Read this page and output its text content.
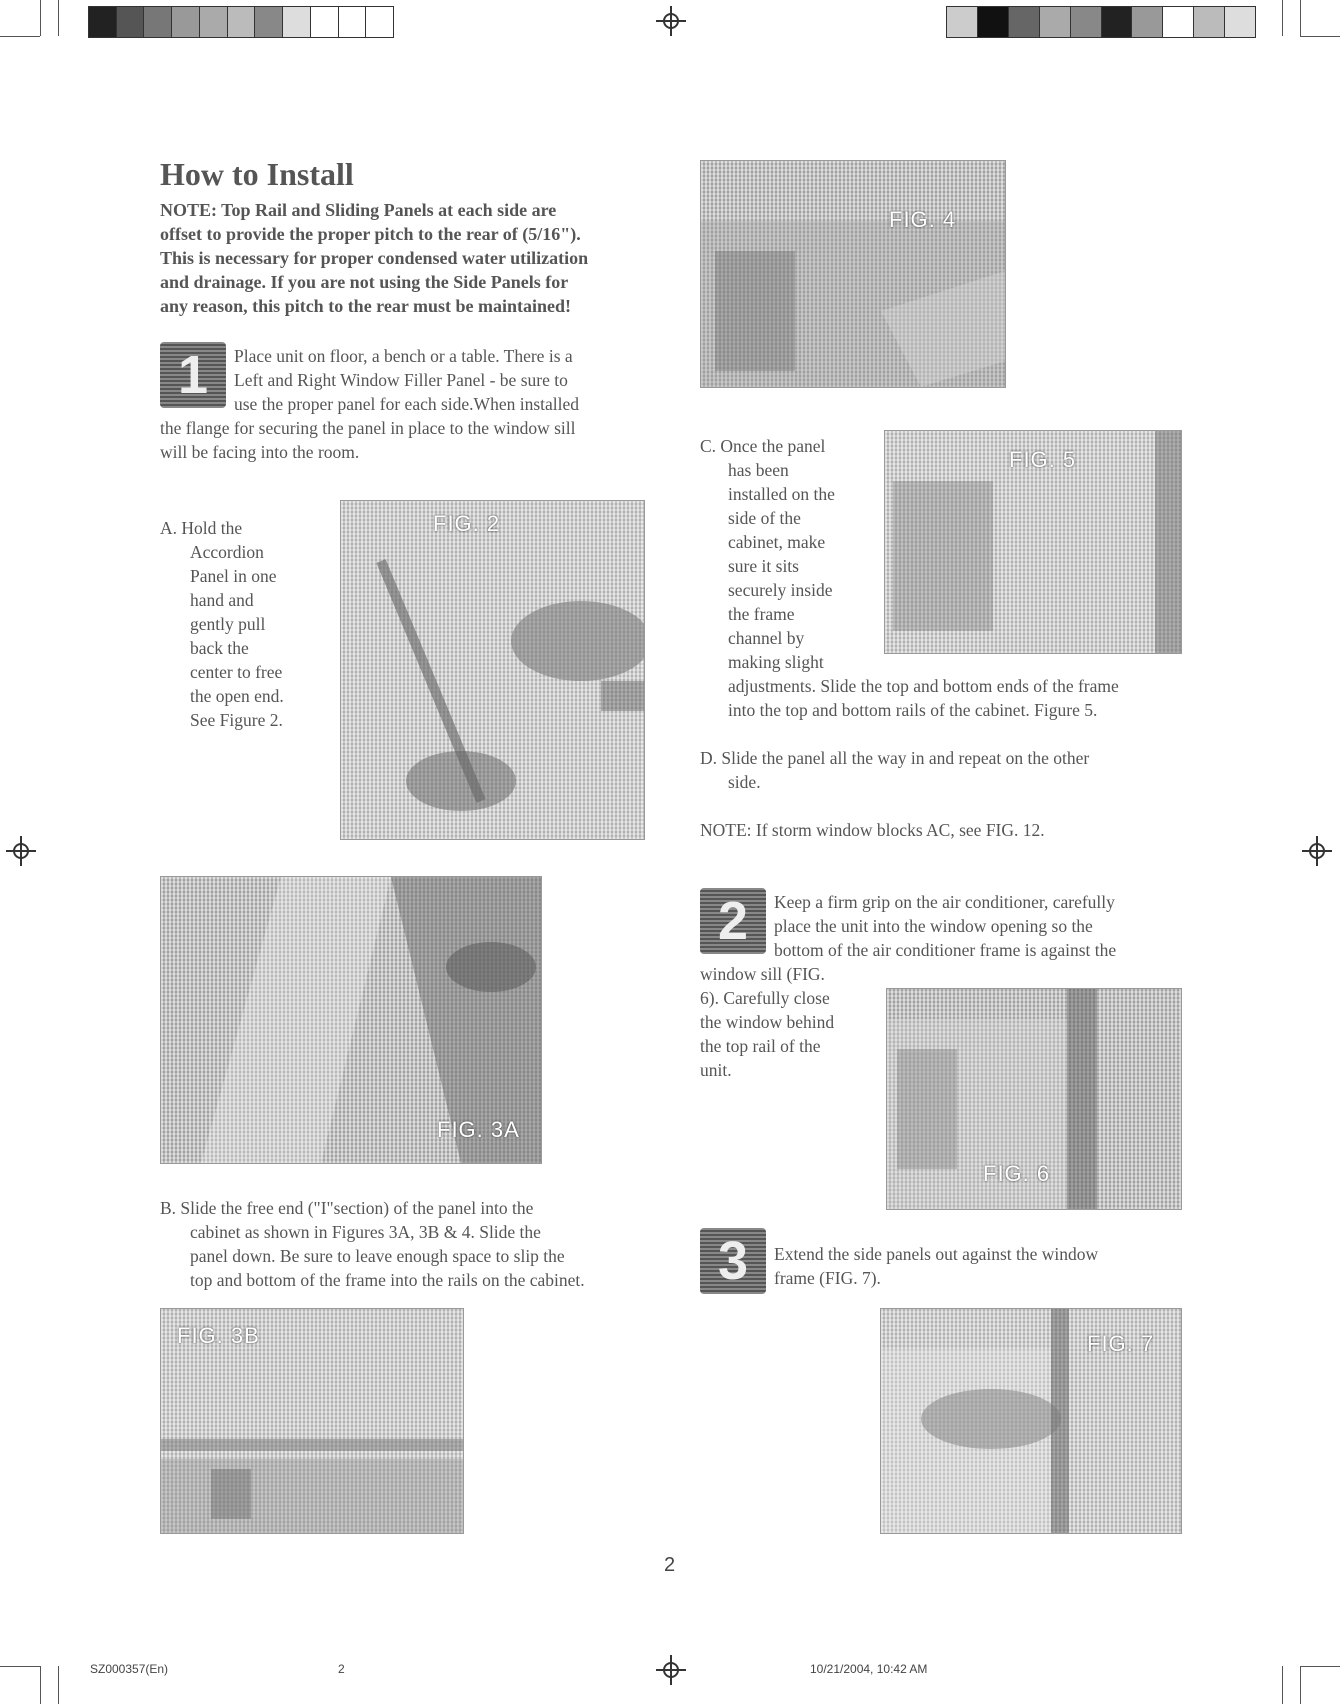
How to Install
NOTE: Top Rail and Sliding Panels at each side are
offset to provide the proper pitch to the rear of (5/16").
This is necessary for proper condensed water utilization
and drainage. If you are not using the Side Panels for
any reason, this pitch to the rear must be maintained!
1	Place unit on floor, a bench or a table. There is a
Left and Right Window Filler Panel - be sure to
use the proper panel for each side.When installed
the flange for securing the panel in place to the window sill
will be facing into the room.
A. Hold the
Accordion
Panel in one
hand and
gently pull
back the
center to free
the open end.
See Figure 2.
FIG. 2
FIG. 3A
B. Slide the free end ("I"section) of the panel into the
cabinet as shown in Figures 3A, 3B & 4. Slide the
panel down. Be sure to leave enough space to slip the
top and bottom of the frame into the rails on the cabinet.
FIG. 3B
FIG. 4
C. Once the panel
has been
installed on the
side of the
cabinet, make
sure it sits
securely inside
the frame
channel by
making slight
adjustments. Slide the top and bottom ends of the frame
into the top and bottom rails of the cabinet. Figure 5.
FIG. 5
D. Slide the panel all the way in and repeat on the other
side.
NOTE: If storm window blocks AC, see FIG. 12.
2	Keep a firm grip on the air conditioner, carefully
place the unit into the window opening so the
bottom of the air conditioner frame is against the
window sill (FIG.
6). Carefully close
the window behind
the top rail of the
unit.
FIG. 6
3	Extend the side panels out against the window
frame (FIG. 7).
FIG. 7
2
SZ000357(En)	2	10/21/2004, 10:42 AM
